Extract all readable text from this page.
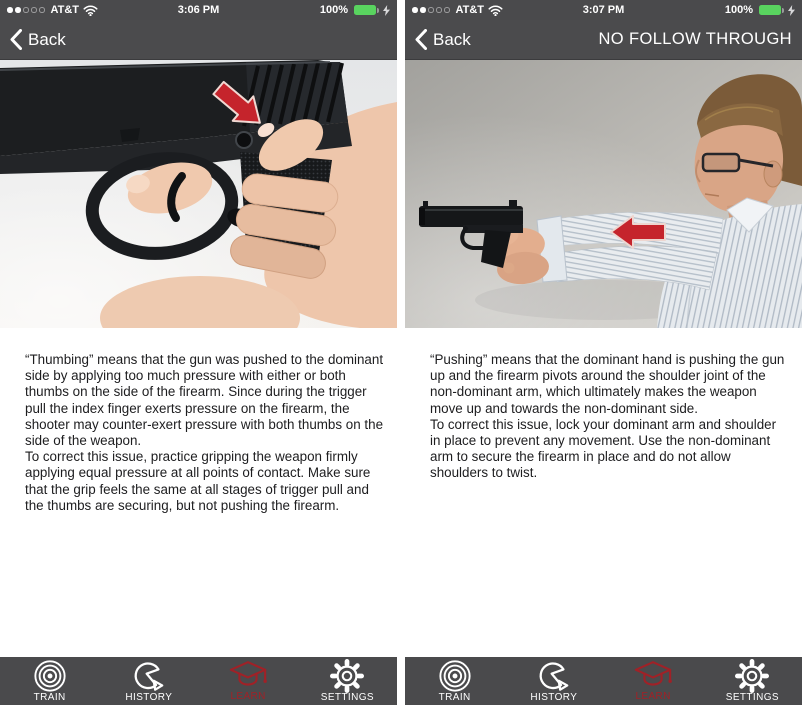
AT&T	3:06 PM	100%
Back

“Thumbing” means that the gun was pushed to the dominant side by applying too much pressure with either or both thumbs on the side of the firearm. Since during the trigger pull the index finger exerts pressure on the firearm, the shooter may counter-exert pressure with both thumbs on the side of the weapon.

To correct this issue, practice gripping the weapon firmly applying equal pressure at all points of contact. Make sure that the grip feels the same at all stages of trigger pull and the thumbs are securing, but not pushing the firearm.

TRAIN	HISTORY	LEARN	SETTINGS
AT&T	3:07 PM	100%
Back	NO FOLLOW THROUGH

“Pushing” means that the dominant hand is pushing the gun up and the firearm pivots around the shoulder joint of the non-dominant arm, which ultimately makes the weapon move up and towards the non-dominant side.

To correct this issue, lock your dominant arm and shoulder in place to prevent any movement. Use the non-dominant arm to secure the firearm in place and do not allow shoulders to twist.

TRAIN	HISTORY	LEARN	SETTINGS
